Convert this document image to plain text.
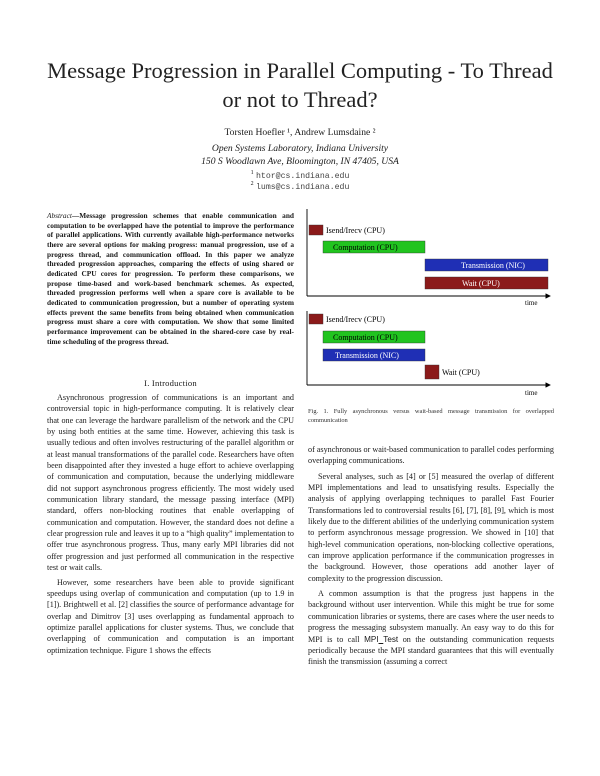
Message Progression in Parallel Computing - To Thread or not to Thread?
Torsten Hoefler ¹, Andrew Lumsdaine ²
Open Systems Laboratory, Indiana University
150 S Woodlawn Ave, Bloomington, IN 47405, USA
$^1$ htor@cs.indiana.edu
$^2$ lums@cs.indiana.edu
Abstract—Message progression schemes that enable communication and computation to be overlapped have the potential to improve the performance of parallel applications. With currently available high-performance networks there are several options for making progress: manual progression, use of a progress thread, and communication offload. In this paper we analyze threaded progression approaches, comparing the effects of using shared or dedicated CPU cores for progression. To perform these comparisons, we propose time-based and work-based benchmark schemes. As expected, threaded progression performs well when a spare core is available to be dedicated to communication progression, but a number of operating system effects prevent the same benefits from being obtained when communication progress must share a core with computation. We show that some limited performance improvement can be obtained in the shared-core case by real-time scheduling of the progress thread.
I. Introduction

Asynchronous progression of communications is an important and controversial topic in high-performance computing. It is relatively clear that one can leverage the hardware parallelism of the network and the CPU by using both entities at the same time. However, achieving this task is usually tedious and often involves restructuring of the parallel algorithm or at least manual transformations of the parallel code. Researchers have often been disappointed after they invested a huge effort to achieve overlapping of communication and computation, because the underlying middleware did not support asynchronous progress efficiently. The most widely used communication library standard, the message passing interface (MPI) standard, offers non-blocking routines that enable overlapping of communication and computation. However, the standard does not define a clear progression rule and leaves it up to a “high quality” implementation to offer true asynchronous progress. Thus, many early MPI libraries did not offer progression and just performed all communication in the respective test or wait calls.

However, some researchers have been able to provide significant speedups using overlap of communication and computation (up to 1.9 in [1]). Brightwell et al. [2] classifies the source of performance advantage for overlap and Dimitrov [3] uses overlapping as fundamental approach to optimize parallel applications for cluster systems. Thus, we conclude that overlapping of communication and computation is an important optimization technique. Figure 1 shows the effects

time
Isend/Irecv (CPU)
Computation (CPU)
Transmission (NIC)
Wait (CPU)
time
Isend/Irecv (CPU)
Computation (CPU)
Transmission (NIC)
Wait (CPU)
Fig. 1. Fully asynchronous versus wait-based message transmission for overlapped communication

of asynchronous or wait-based communication to parallel codes performing overlapping communications.

Several analyses, such as [4] or [5] measured the overlap of different MPI implementations and lead to unsatisfying results. Especially the analysis of applying overlapping techniques to parallel Fast Fourier Transformations led to controversial results [6], [7], [8], [9], which is most likely due to the different abilities of the underlying communication system to perform asynchronous message progression. We showed in [10] that high-level communication operations, non-blocking collective operations, can improve application performance if the communication progresses in the background. However, those operations add another layer of complexity to the progression discussion.

A common assumption is that the progress just happens in the background without user intervention. While this might be true for some communication libraries or systems, there are cases where the user needs to progress the messaging subsystem manually. An easy way to do this for MPI is to call MPI Test on the outstanding communication requests periodically because the MPI standard guarantees that this will eventually finish the transmission (assuming a correct
